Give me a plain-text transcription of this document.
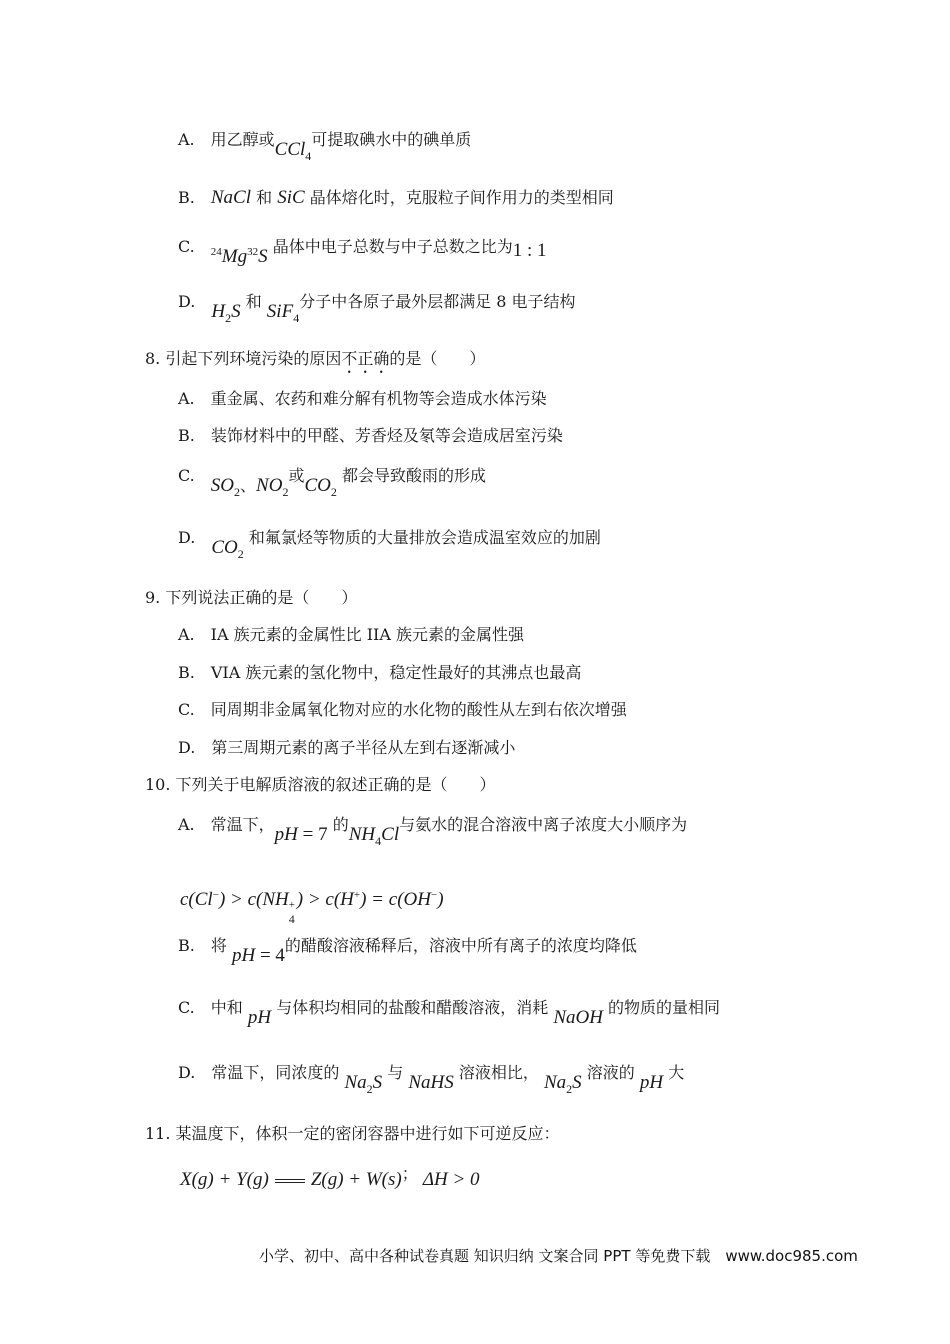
A.　 用乙醇或CCl$_4$可提取碘水中的碘单质
B.　 NaCl 和 SiC 晶体熔化时，克服粒子间作用力的类型相同
C.　 $^{24}$Mg$^{32}$S 晶体中电子总数与中子总数之比为1 : 1
D.　 $H_2S$ 和 SiF$_4$分子中各原子最外层都满足 8 电子结构
8. 引起下列环境污染的原因不正确的是（　　）
A.　重金属、农药和难分解有机物等会造成水体污染
B.　装饰材料中的甲醛、芳香烃及氡等会造成居室污染
C.　 $SO_2$、$NO_2$或$CO_2$ 都会导致酸雨的形成
D.　 $CO_2$ 和氟氯烃等物质的大量排放会造成温室效应的加剧
9. 下列说法正确的是（　　）
A.　IA 族元素的金属性比 IIA 族元素的金属性强
B.　VIA 族元素的氢化物中，稳定性最好的其沸点也最高
C.　同周期非金属氧化物对应的水化物的酸性从左到右依次增强
D.　第三周期元素的离子半径从左到右逐渐减小
10. 下列关于电解质溶液的叙述正确的是（　　）
A.　 常温下，pH = 7 的$NH_4Cl$与氨水的混合溶液中离子浓度大小顺序为
c(Cl−) > c(NH +
4
) > c(H+) = c(OH−)
B.　 将 pH = 4的醋酸溶液稀释后，溶液中所有离子的浓度均降低
C.　 中和 pH 与体积均相同的盐酸和醋酸溶液，消耗 NaOH 的物质的量相同
D.　 常温下，同浓度的 $Na_2S$ 与 NaHS 溶液相比， $Na_2S$ 溶液的 pH 大
11. 某温度下，体积一定的密闭容器中进行如下可逆反应：
X(g) + Y(g) Z(g) + W(s)； ΔH > 0
小学、初中、高中各种试卷真题 知识归纳 文案合同 PPT 等免费下载　www.doc985.com
